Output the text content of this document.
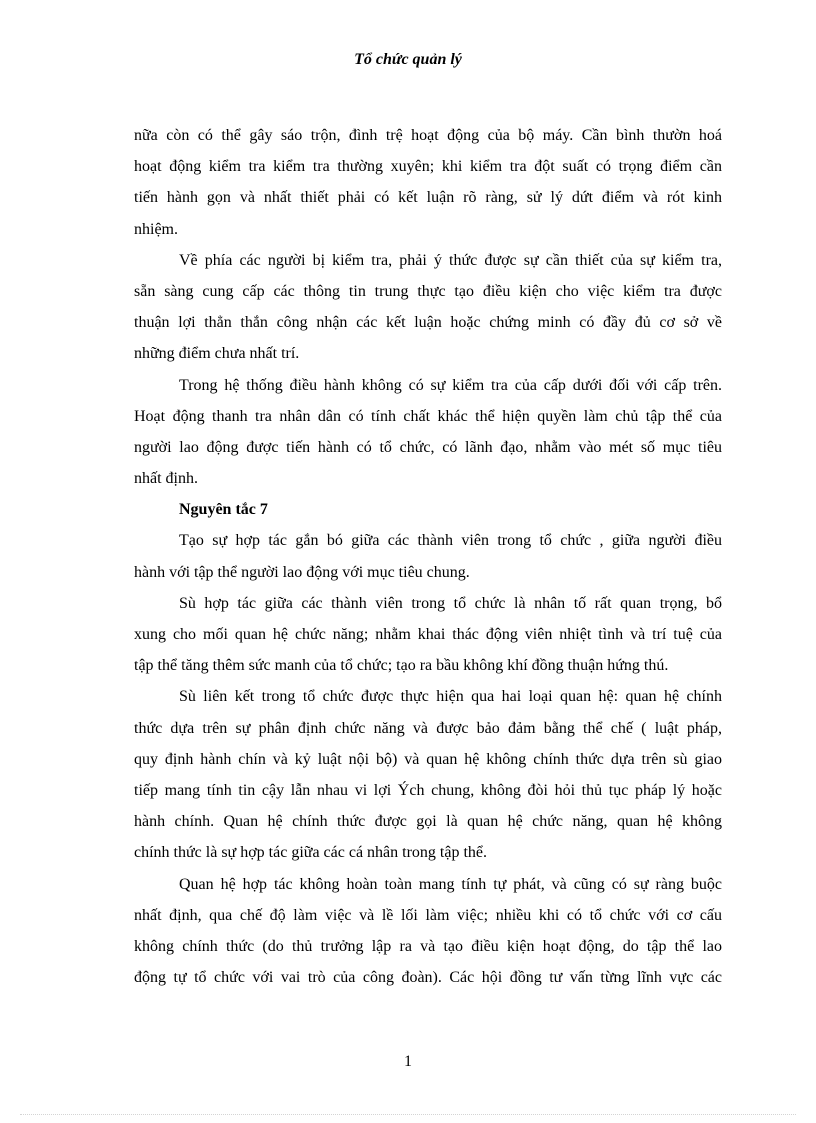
Tổ chức quản lý
nữa còn có thể gây sáo trộn, đình trệ hoạt động của bộ máy. Cần bình thườn hoá
hoạt động kiểm tra kiểm tra thường xuyên; khi kiểm tra đột suất có trọng điểm cần
tiến hành gọn và nhất thiết phải có kết luận rõ ràng, sử lý dứt điểm và rót kinh
nhiệm.
Về phía các người bị kiểm tra, phải ý thức được sự cần thiết của sự kiểm tra,
sẵn sàng cung cấp các thông tin trung thực tạo điều kiện cho việc kiểm tra được
thuận lợi thẳn thắn công nhận các kết luận hoặc chứng minh có đầy đủ cơ sở về
những điểm chưa nhất trí.
Trong hệ thống điều hành không có sự kiểm tra của cấp dưới đối với cấp trên.
Hoạt động thanh tra nhân dân có tính chất khác thể hiện quyền làm chủ tập thể của
người lao động được tiến hành có tổ chức, có lãnh đạo, nhằm vào mét số mục tiêu
nhất định.
Nguyên tắc 7
Tạo sự hợp tác gắn bó giữa các thành viên trong tổ chức , giữa người điều
hành với tập thể người lao động với mục tiêu chung.
Sù hợp tác giữa các thành viên trong tổ chức là nhân tố rất quan trọng, bổ
xung cho mối quan hệ chức năng; nhằm khai thác động viên nhiệt tình và trí tuệ của
tập thể tăng thêm sức manh của tổ chức; tạo ra bầu không khí đồng thuận hứng thú.
Sù liên kết trong tổ chức được thực hiện qua hai loại quan hệ: quan hệ chính
thức dựa trên sự phân định chức năng và được bảo đảm bằng thể chế ( luật pháp,
quy định hành chín và kỷ luật nội bộ) và quan hệ không chính thức dựa trên sù giao
tiếp mang tính tin cậy lẫn nhau vi lợi Ých chung, không đòi hỏi thủ tục pháp lý hoặc
hành chính. Quan hệ chính thức được gọi là quan hệ chức năng, quan hệ không
chính thức là sự hợp tác giữa các cá nhân trong tập thể.
Quan hệ hợp tác không hoàn toàn mang tính tự phát, và cũng có sự ràng buộc
nhất định, qua chế độ làm việc và lề lối làm việc; nhiều khi có tổ chức với cơ cấu
không chính thức (do thủ trưởng lập ra và tạo điều kiện hoạt động, do tập thể lao
động tự tổ chức với vai trò của công đoàn). Các hội đồng tư vấn từng lĩnh vực các
1
